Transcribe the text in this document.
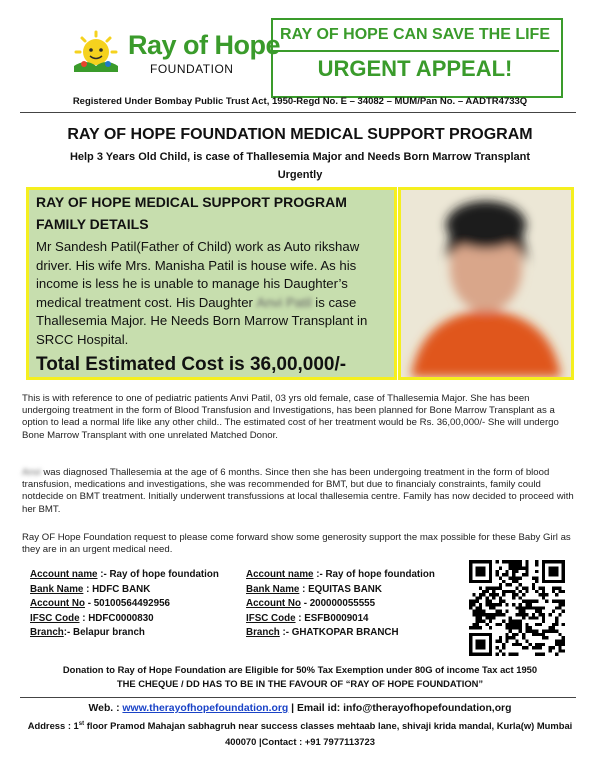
Ray of Hope
FOUNDATION
RAY OF HOPE CAN SAVE THE LIFE
URGENT APPEAL!
Registered Under Bombay Public Trust Act, 1950-Regd No. E – 34082 – MUM/Pan No. – AADTR4733Q
RAY OF HOPE FOUNDATION MEDICAL SUPPORT PROGRAM
Help 3 Years Old Child, is case of Thallesemia Major and Needs Born Marrow Transplant
Urgently
RAY OF HOPE MEDICAL SUPPORT PROGRAM
FAMILY DETAILS
Mr Sandesh Patil(Father of Child) work as Auto rikshaw driver. His wife Mrs. Manisha Patil is house wife. As his income is less he is unable to manage his Daughter’s medical treatment cost. His Daughter Anvi Patil is case Thallesemia Major. He Needs Born Marrow Transplant in SRCC Hospital.
Total Estimated Cost is 36,00,000/-
This is with reference to one of pediatric patients Anvi Patil, 03 yrs old female, case of Thallesemia Major. She has been undergoing treatment in the form of Blood Transfusion and Investigations, has been planned for Bone Marrow Transplant as a option to lead a normal life like any other child.. The estimated cost of her treatment would be Rs. 36,00,000/- She will undergo Bone Marrow Transplant with one unrelated Matched Donor.
Anvi was diagnosed Thallesemia at the age of 6 months. Since then she has been undergoing treatment in the form of blood transfusion, medications and investigations, she was recommended for BMT, but due to financialy constraints, family could notdecide on BMT treatment. Initially underwent transfussions at local thallesemia centre. Family has now decided to proceed with her BMT.
Ray OF Hope Foundation request to please come forward show some generosity support the max possible for these Baby Girl as they are in an urgent medical need.
Account name :- Ray of hope foundation
Bank Name : HDFC BANK
Account No - 50100564492956
IFSC Code : HDFC0000830
Branch:- Belapur branch
Account name :- Ray of hope foundation
Bank Name : EQUITAS BANK
Account No - 200000055555
IFSC Code : ESFB0009014
Branch :- GHATKOPAR BRANCH
Donation to Ray of Hope Foundation are Eligible for 50% Tax Exemption under 80G of income Tax act 1950
THE CHEQUE / DD HAS TO BE IN THE FAVOUR OF “RAY OF HOPE FOUNDATION”
Web. : www.therayofhopefoundation.org | Email id: info@therayofhopefoundation,org
Address : 1st floor Pramod Mahajan sabhagruh near success classes mehtaab lane, shivaji krida mandal, Kurla(w) Mumbai
400070 |Contact : +91 7977113723
